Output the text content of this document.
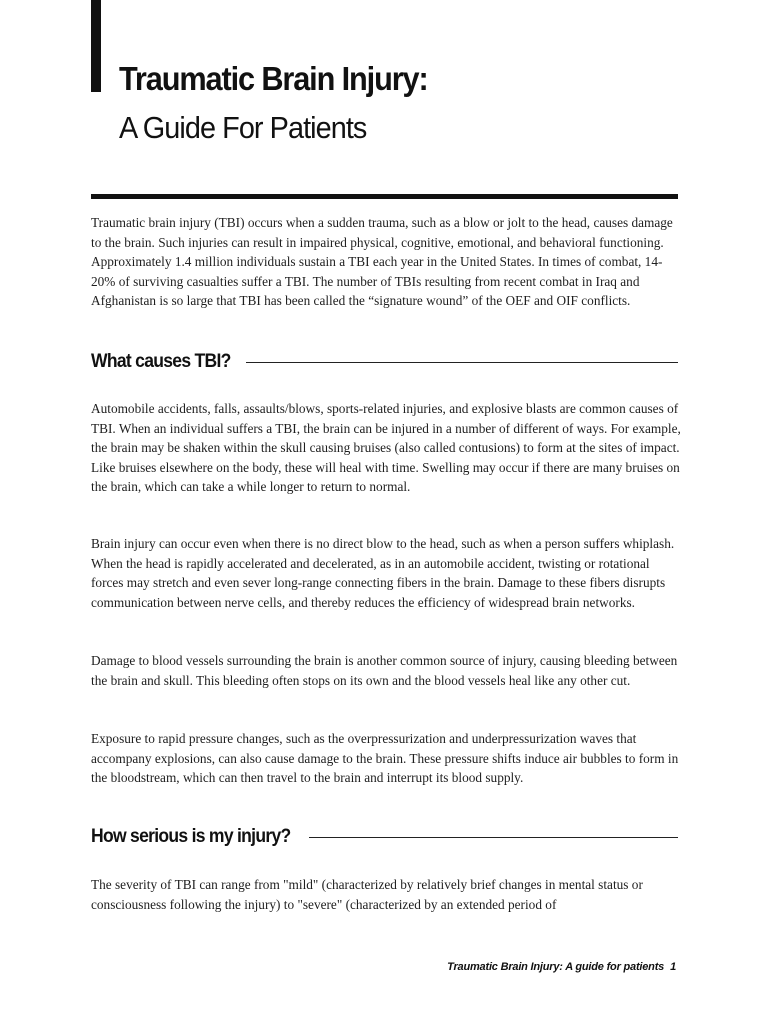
Traumatic Brain Injury:
A Guide For Patients

Traumatic brain injury (TBI) occurs when a sudden trauma, such as a blow or jolt to the head, causes damage to the brain. Such injuries can result in impaired physical, cognitive, emotional, and behavioral functioning. Approximately 1.4 million individuals sustain a TBI each year in the United States. In times of combat, 14-20% of surviving casualties suffer a TBI. The number of TBIs resulting from recent combat in Iraq and Afghanistan is so large that TBI has been called the “signature wound” of the OEF and OIF conflicts.

What causes TBI?

Automobile accidents, falls, assaults/blows, sports-related injuries, and explosive blasts are common causes of TBI. When an individual suffers a TBI, the brain can be injured in a number of different of ways. For example, the brain may be shaken within the skull causing bruises (also called contusions) to form at the sites of impact. Like bruises elsewhere on the body, these will heal with time. Swelling may occur if there are many bruises on the brain, which can take a while longer to return to normal.

Brain injury can occur even when there is no direct blow to the head, such as when a person suffers whiplash. When the head is rapidly accelerated and decelerated, as in an automobile accident, twisting or rotational forces may stretch and even sever long-range connecting fibers in the brain. Damage to these fibers disrupts communication between nerve cells, and thereby reduces the efficiency of widespread brain networks.

Damage to blood vessels surrounding the brain is another common source of injury, causing bleeding between the brain and skull. This bleeding often stops on its own and the blood vessels heal like any other cut.

Exposure to rapid pressure changes, such as the overpressurization and underpressurization waves that accompany explosions, can also cause damage to the brain. These pressure shifts induce air bubbles to form in the bloodstream, which can then travel to the brain and interrupt its blood supply.

How serious is my injury?

The severity of TBI can range from "mild" (characterized by relatively brief changes in mental status or consciousness following the injury) to "severe" (characterized by an extended period of

Traumatic Brain Injury: A guide for patients 1
